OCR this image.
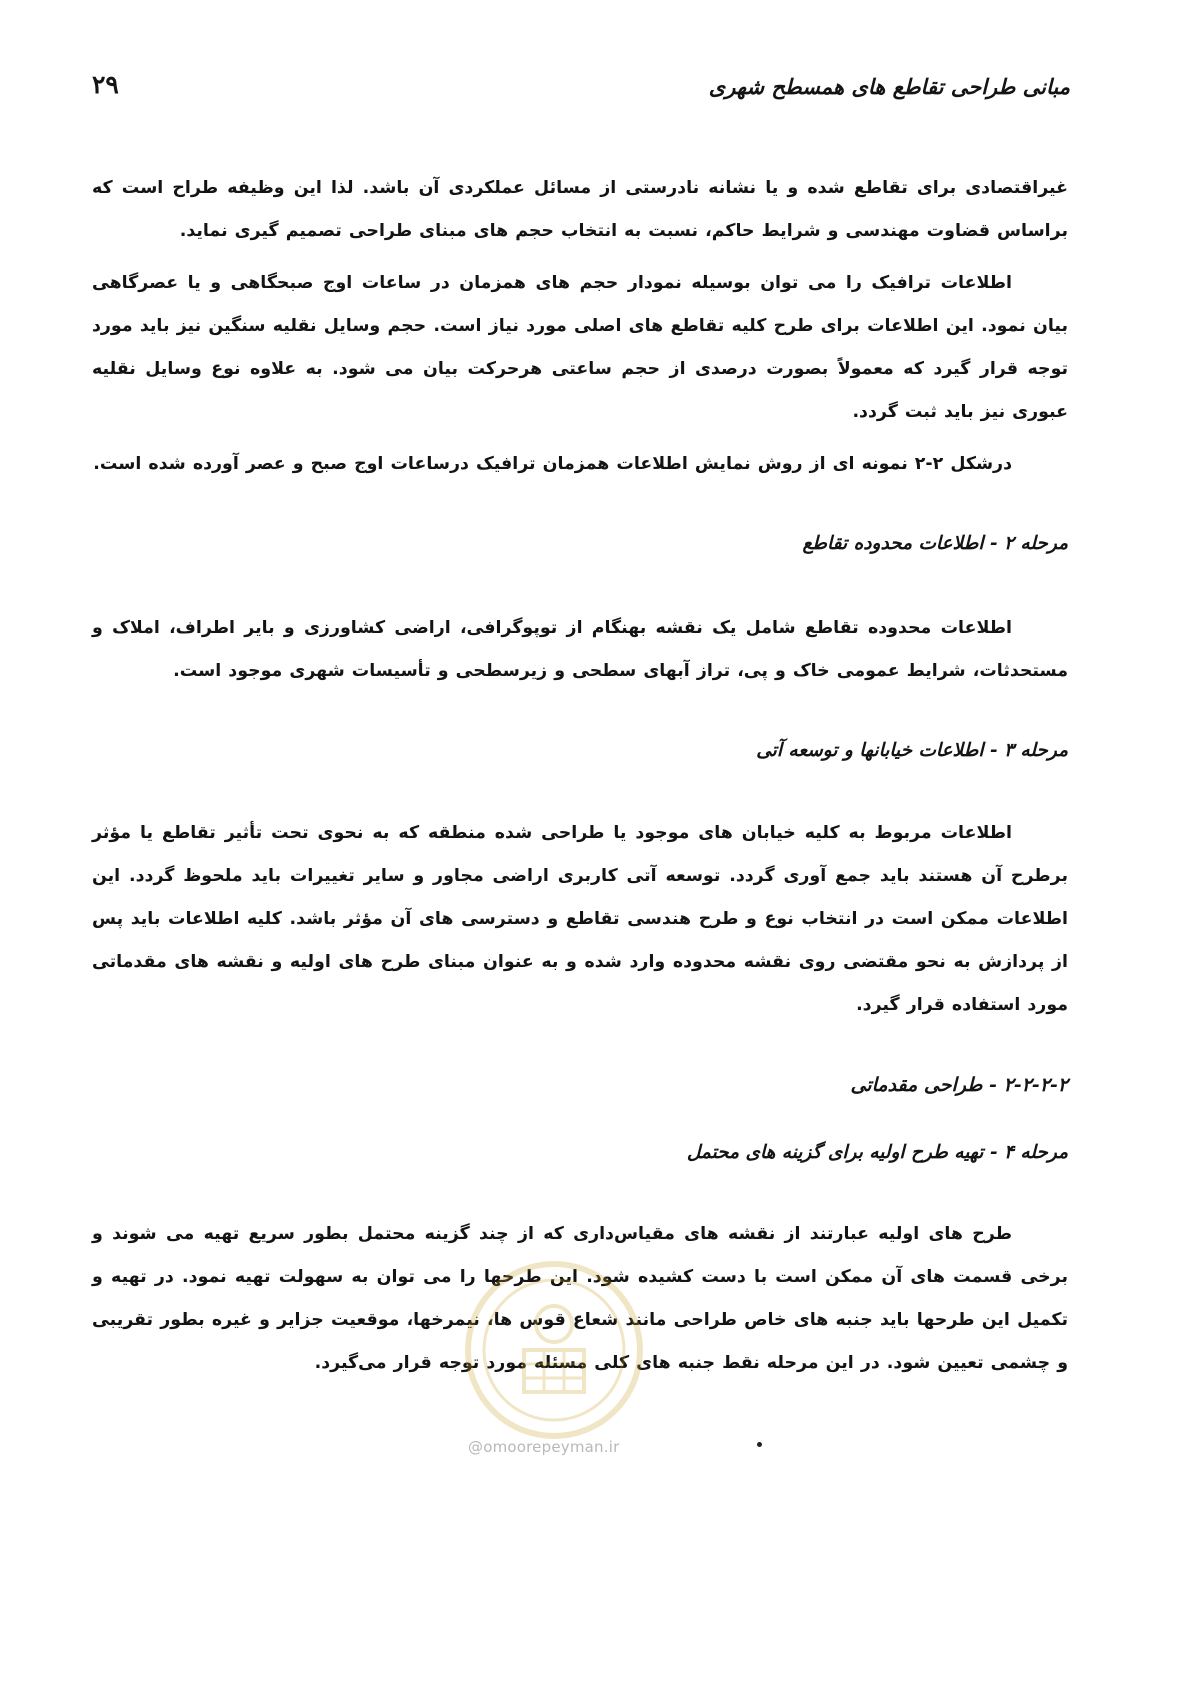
مبانی طراحی تقاطع های همسطح شهری
۲۹

غیراقتصادی برای تقاطع شده و یا نشانه نادرستی از مسائل عملکردی آن باشد. لذا این وظیفه طراح است که براساس قضاوت مهندسی و شرایط حاکم، نسبت به انتخاب حجم های مبنای طراحی تصمیم گیری نماید.

اطلاعات ترافیک را می توان بوسیله نمودار حجم های همزمان در ساعات اوج صبحگاهی و یا عصرگاهی بیان نمود. این اطلاعات برای طرح کلیه تقاطع های اصلی مورد نیاز است. حجم وسایل نقلیه سنگین نیز باید مورد توجه قرار گیرد که معمولاً بصورت درصدی از حجم ساعتی هرحرکت بیان می شود. به علاوه نوع وسایل نقلیه عبوری نیز باید ثبت گردد.

درشکل ۲-۲ نمونه ای از روش نمایش اطلاعات همزمان ترافیک درساعات اوج صبح و عصر آورده شده است.

مرحله ۲ - اطلاعات محدوده تقاطع

اطلاعات محدوده تقاطع شامل یک نقشه بهنگام از توپوگرافی، اراضی کشاورزی و بایر اطراف، املاک و مستحدثات، شرایط عمومی خاک و پی، تراز آبهای سطحی و زیرسطحی و تأسیسات شهری موجود است.

مرحله ۳ - اطلاعات خیابانها و توسعه آتی

اطلاعات مربوط به کلیه خیابان های موجود یا طراحی شده منطقه که به نحوی تحت تأثیر تقاطع یا مؤثر برطرح آن هستند باید جمع آوری گردد. توسعه آتی کاربری اراضی مجاور و سایر تغییرات باید ملحوظ گردد. این اطلاعات ممکن است در انتخاب نوع و طرح هندسی تقاطع و دسترسی های آن مؤثر باشد. کلیه اطلاعات باید پس از پردازش به نحو مقتضی روی نقشه محدوده وارد شده و به عنوان مبنای طرح های اولیه و نقشه های مقدماتی مورد استفاده قرار گیرد.

۲-۲-۲-۲ - طراحی مقدماتی
مرحله ۴ - تهیه طرح اولیه برای گزینه های محتمل

طرح های اولیه عبارتند از نقشه های مقیاس‌داری که از چند گزینه محتمل بطور سریع تهیه می شوند و برخی قسمت های آن ممکن است با دست کشیده شود. این طرحها را می توان به سهولت تهیه نمود. در تهیه و تکمیل این طرحها باید جنبه های خاص طراحی مانند شعاع قوس ها، نیمرخها، موقعیت جزایر و غیره بطور تقریبی و چشمی تعیین شود. در این مرحله نقط جنبه های کلی مسئله مورد توجه قرار می‌گیرد.

@omoorepeyman.ir
